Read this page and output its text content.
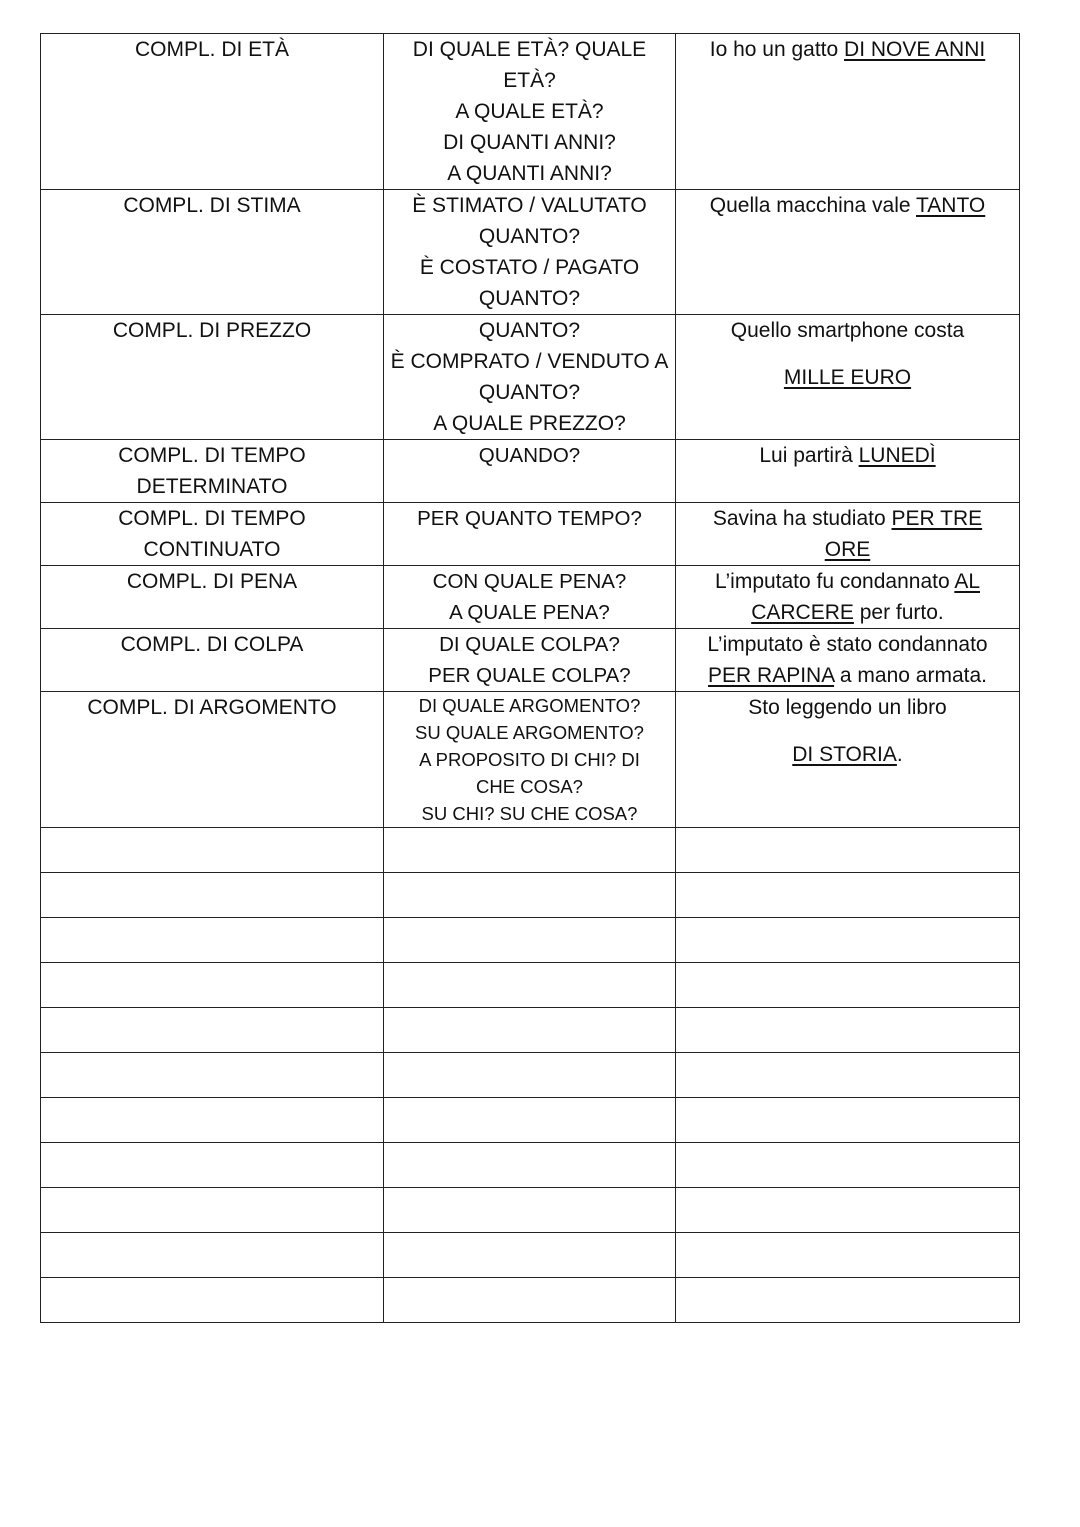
COMPL. DI ETÀ	DI QUALE ETÀ? QUALE ETÀ?
A QUALE ETÀ?
DI QUANTI ANNI?
A QUANTI ANNI?	Io ho un gatto DI NOVE ANNI
COMPL. DI STIMA	È STIMATO / VALUTATO
QUANTO?
È COSTATO / PAGATO
QUANTO?	Quella macchina vale TANTO
COMPL. DI PREZZO	QUANTO?
È COMPRATO / VENDUTO A
QUANTO?
A QUALE PREZZO?	Quello smartphone costa
MILLE EURO
COMPL. DI TEMPO
DETERMINATO	QUANDO?	Lui partirà LUNEDÌ
COMPL. DI TEMPO
CONTINUATO	PER QUANTO TEMPO?	Savina ha studiato PER TRE
ORE
COMPL. DI PENA	CON QUALE PENA?
A QUALE PENA?	L’imputato fu condannato AL
CARCERE per furto.
COMPL. DI COLPA	DI QUALE COLPA?
PER QUALE COLPA?	L’imputato è stato condannato
PER RAPINA a mano armata.
COMPL. DI ARGOMENTO	DI QUALE ARGOMENTO?
SU QUALE ARGOMENTO?
A PROPOSITO DI CHI? DI
CHE COSA?
SU CHI? SU CHE COSA?	Sto leggendo un libro
DI STORIA.
